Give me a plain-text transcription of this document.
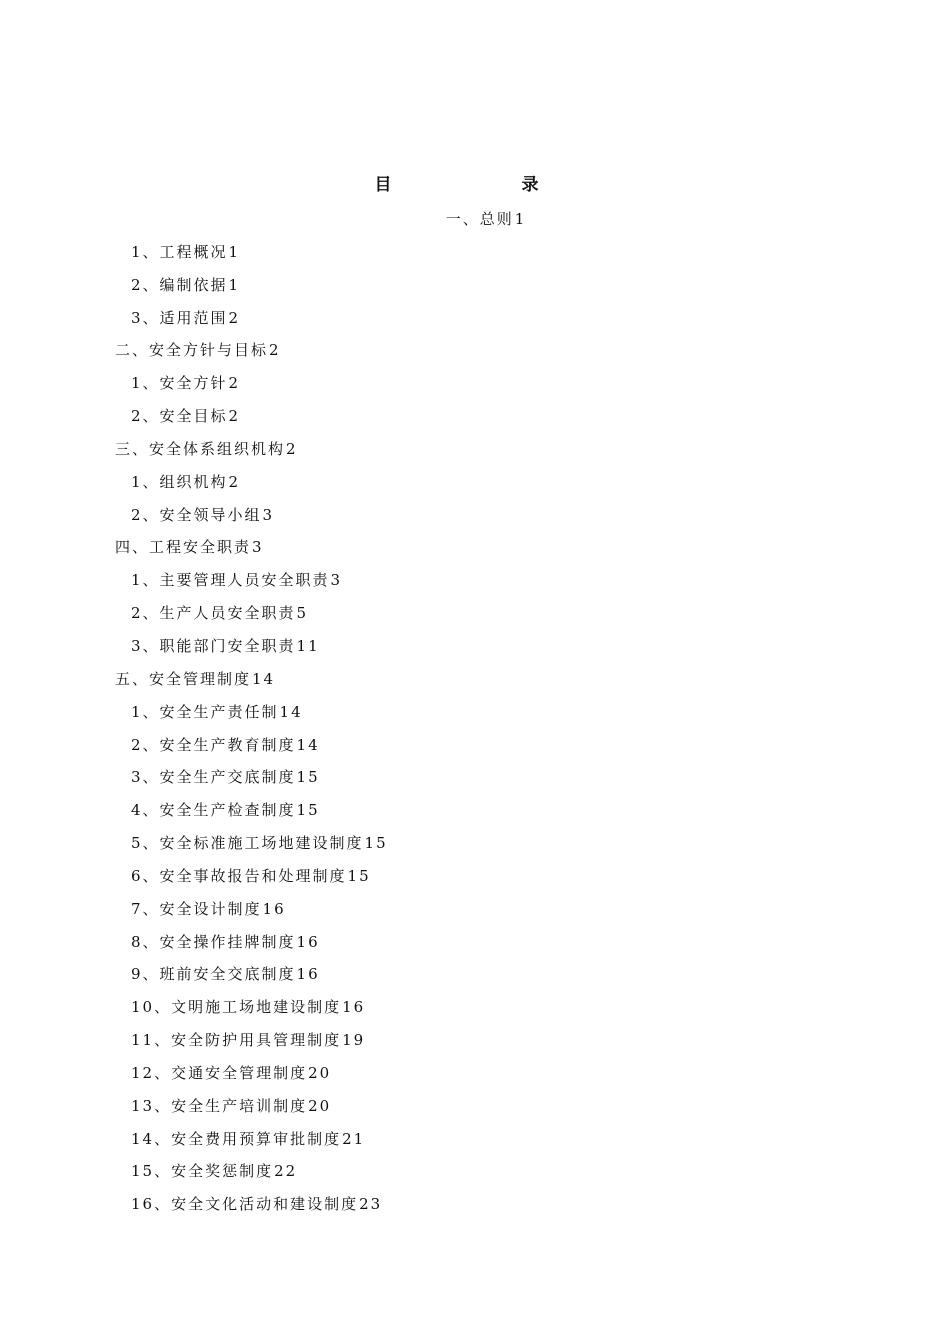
目 录
一、总则1
1、工程概况1
2、编制依据1
3、适用范围2
二、安全方针与目标2
1、安全方针2
2、安全目标2
三、安全体系组织机构2
1、组织机构2
2、安全领导小组3
四、工程安全职责3
1、主要管理人员安全职责3
2、生产人员安全职责5
3、职能部门安全职责11
五、安全管理制度14
1、安全生产责任制14
2、安全生产教育制度14
3、安全生产交底制度15
4、安全生产检查制度15
5、安全标准施工场地建设制度15
6、安全事故报告和处理制度15
7、安全设计制度16
8、安全操作挂牌制度16
9、班前安全交底制度16
10、文明施工场地建设制度16
11、安全防护用具管理制度19
12、交通安全管理制度20
13、安全生产培训制度20
14、安全费用预算审批制度21
15、安全奖惩制度22
16、安全文化活动和建设制度23
